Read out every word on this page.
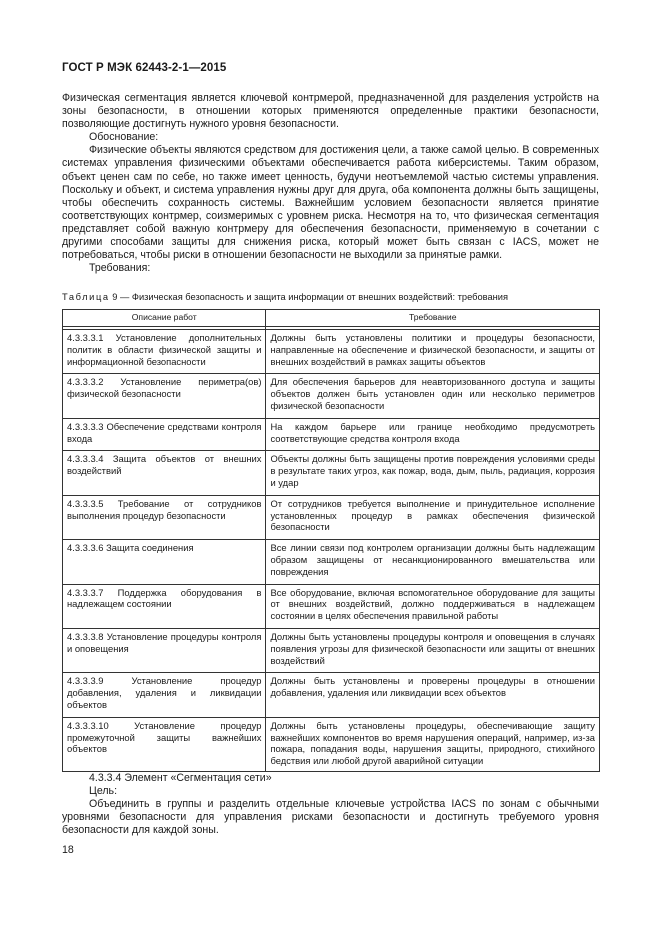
ГОСТ Р МЭК 62443-2-1—2015

Физическая сегментация является ключевой контрмерой, предназначенной для разделения устройств на зоны безопасности, в отношении которых применяются определенные практики безопасности, позволяющие достигнуть нужного уровня безопасности.

Обоснование:

Физические объекты являются средством для достижения цели, а также самой целью. В современных системах управления физическими объектами обеспечивается работа киберсистемы. Таким образом, объект ценен сам по себе, но также имеет ценность, будучи неотъемлемой частью системы управления. Поскольку и объект, и система управления нужны друг для друга, оба компонента должны быть защищены, чтобы обеспечить сохранность системы. Важнейшим условием безопасности является принятие соответствующих контрмер, соизмеримых с уровнем риска. Несмотря на то, что физическая сегментация представляет собой важную контрмеру для обеспечения безопасности, применяемую в сочетании с другими способами защиты для снижения риска, который может быть связан с IACS, может не потребоваться, чтобы риски в отношении безопасности не выходили за принятые рамки.

Требования:

Таблица 9 — Физическая безопасность и защита информации от внешних воздействий: требования
Описание работ	Требование

4.3.3.3.1 Установление дополнительных политик в области физической защиты и информационной безопасности	Должны быть установлены политики и процедуры безопасности, направленные на обеспечение и физической безопасности, и защиты от внешних воздействий в рамках защиты объектов

4.3.3.3.2 Установление периметра(ов) физической безопасности	Для обеспечения барьеров для неавторизованного доступа и защиты объектов должен быть установлен один или несколько периметров физической безопасности

4.3.3.3.3 Обеспечение средствами контроля входа	На каждом барьере или границе необходимо предусмотреть соответствующие средства контроля входа

4.3.3.3.4 Защита объектов от внешних воздействий	Объекты должны быть защищены против повреждения условиями среды в результате таких угроз, как пожар, вода, дым, пыль, радиация, коррозия и удар

4.3.3.3.5 Требование от сотрудников выполнения процедур безопасности	От сотрудников требуется выполнение и принудительное исполнение установленных процедур в рамках обеспечения физической безопасности

4.3.3.3.6 Защита соединения	Все линии связи под контролем организации должны быть надлежащим образом защищены от несанкционированного вмешательства или повреждения

4.3.3.3.7 Поддержка оборудования в надлежащем состоянии	Все оборудование, включая вспомогательное оборудование для защиты от внешних воздействий, должно поддерживаться в надлежащем состоянии в целях обеспечения правильной работы

4.3.3.3.8 Установление процедуры контроля и оповещения	Должны быть установлены процедуры контроля и оповещения в случаях появления угрозы для физической безопасности или защиты от внешних воздействий

4.3.3.3.9 Установление процедур добавления, удаления и ликвидации объектов	Должны быть установлены и проверены процедуры в отношении добавления, удаления или ликвидации всех объектов

4.3.3.3.10 Установление процедур промежуточной защиты важнейших объектов	Должны быть установлены процедуры, обеспечивающие защиту важнейших компонентов во время нарушения операций, например, из-за пожара, попадания воды, нарушения защиты, природного, стихийного бедствия или любой другой аварийной ситуации

4.3.3.4 Элемент «Сегментация сети»

Цель:

Объединить в группы и разделить отдельные ключевые устройства IACS по зонам с обычными уровнями безопасности для управления рисками безопасности и достигнуть требуемого уровня безопасности для каждой зоны.

18
